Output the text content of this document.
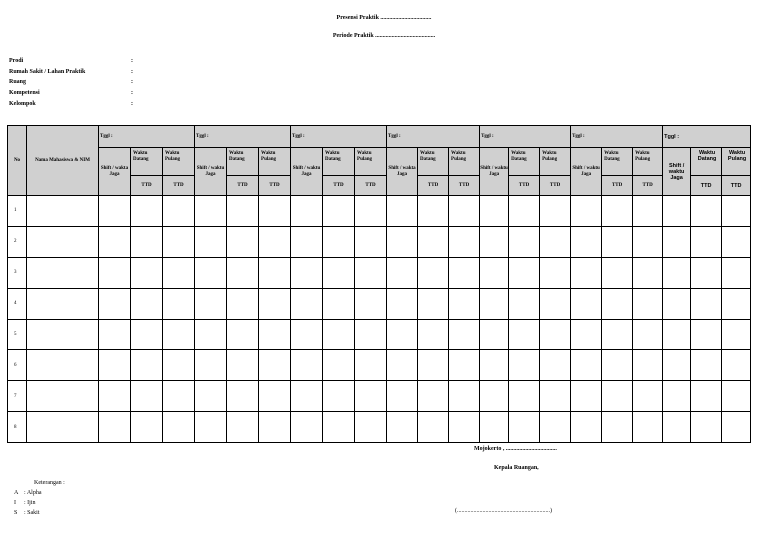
Presensi Praktik ..................................
Periode Praktik ........................................
Prodi	:
Rumah Sakit / Lahan Praktik	:
Ruang	:
Kompetensi	:
Kelompok	:
No	Nama Mahasiswa & NIM	Tggl :			Tggl :			Tggl :			Tggl :			Tggl :			Tggl :			Tggl :		
		Shift / wakta Jaga	Waktu Datang	Waktu Pulang	Shift / waktu Jaga	Waktu Datang	Waktu Pulang	Shift / waktu Jaga	Waktu Datang	Waktu Pulang	Shift / wakta Jaga	Waktu Datang	Waktu Pulang	Shift / waktu Jaga	Waktu Datang	Waktu Pulang	Shift / waktu Jaga	Waktu Datang	Waktu Pulang	Shift / waktu Jaga	Waktu Datang	Waktu Pulang
			TTD	TTD		TTD	TTD		TTD	TTD		TTD	TTD		TTD	TTD		TTD	TTD		TTD	TTD
1																						
2																						
3																						
4																						
5																						
6																						
7																						
8																						
Mojokerto , ..................................
Kepala Ruangan,
(..............................................................)
Keterangan :
A : Alpha
I : Ijin
S : Sakit
